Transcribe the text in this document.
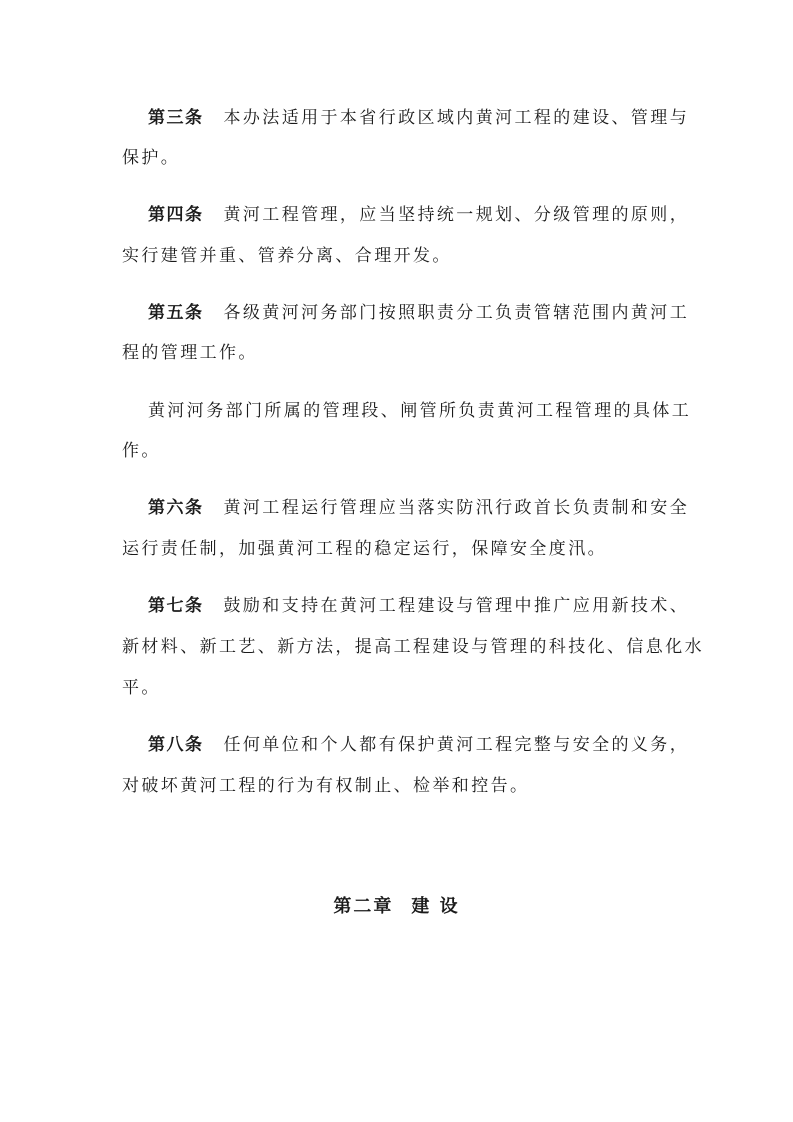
第三条 本办法适用于本省行政区域内黄河工程的建设、管理与
保护。
第四条 黄河工程管理，应当坚持统一规划、分级管理的原则，
实行建管并重、管养分离、合理开发。
第五条 各级黄河河务部门按照职责分工负责管辖范围内黄河工
程的管理工作。
黄河河务部门所属的管理段、闸管所负责黄河工程管理的具体工
作。
第六条 黄河工程运行管理应当落实防汛行政首长负责制和安全
运行责任制，加强黄河工程的稳定运行，保障安全度汛。
第七条 鼓励和支持在黄河工程建设与管理中推广应用新技术、
新材料、新工艺、新方法，提高工程建设与管理的科技化、信息化水
平。
第八条 任何单位和个人都有保护黄河工程完整与安全的义务，
对破坏黄河工程的行为有权制止、检举和控告。
第二章 建 设
